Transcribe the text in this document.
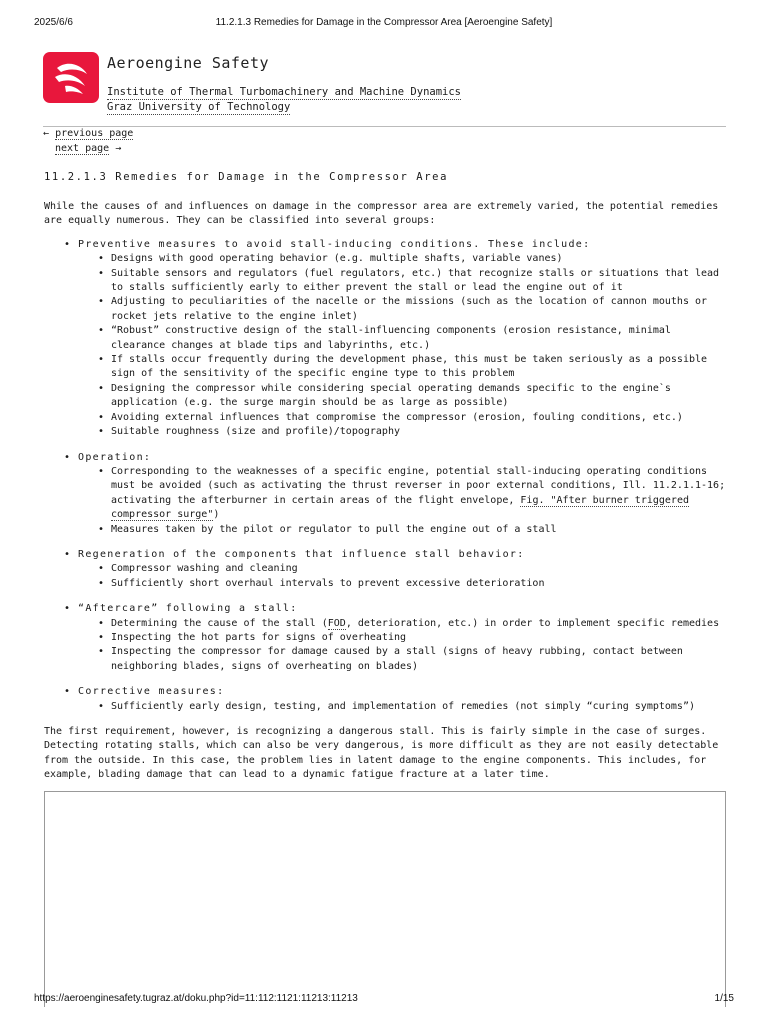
2025/6/6	11.2.1.3 Remedies for Damage in the Compressor Area [Aeroengine Safety]
Aeroengine Safety
Institute of Thermal Turbomachinery and Machine Dynamics
Graz University of Technology
← previous page
next page →
11.2.1.3 Remedies for Damage in the Compressor Area

While the causes of and influences on damage in the compressor area are extremely varied, the potential remedies are equally numerous. They can be classified into several groups:

• Preventive measures to avoid stall-inducing conditions. These include:
• Designs with good operating behavior (e.g. multiple shafts, variable vanes)
• Suitable sensors and regulators (fuel regulators, etc.) that recognize stalls or situations that lead to stalls sufficiently early to either prevent the stall or lead the engine out of it
• Adjusting to peculiarities of the nacelle or the missions (such as the location of cannon mouths or rocket jets relative to the engine inlet)
• “Robust” constructive design of the stall-influencing components (erosion resistance, minimal clearance changes at blade tips and labyrinths, etc.)
• If stalls occur frequently during the development phase, this must be taken seriously as a possible sign of the sensitivity of the specific engine type to this problem
• Designing the compressor while considering special operating demands specific to the engine`s application (e.g. the surge margin should be as large as possible)
• Avoiding external influences that compromise the compressor (erosion, fouling conditions, etc.)
• Suitable roughness (size and profile)/topography
• Operation:
• Corresponding to the weaknesses of a specific engine, potential stall-inducing operating conditions must be avoided (such as activating the thrust reverser in poor external conditions, Ill. 11.2.1.1-16; activating the afterburner in certain areas of the flight envelope, Fig. "After burner triggered compressor surge")
• Measures taken by the pilot or regulator to pull the engine out of a stall
• Regeneration of the components that influence stall behavior:
• Compressor washing and cleaning
• Sufficiently short overhaul intervals to prevent excessive deterioration
• “Aftercare” following a stall:
• Determining the cause of the stall (FOD, deterioration, etc.) in order to implement specific remedies
• Inspecting the hot parts for signs of overheating
• Inspecting the compressor for damage caused by a stall (signs of heavy rubbing, contact between neighboring blades, signs of overheating on blades)
• Corrective measures:
• Sufficiently early design, testing, and implementation of remedies (not simply “curing symptoms”)

The first requirement, however, is recognizing a dangerous stall. This is fairly simple in the case of surges. Detecting rotating stalls, which can also be very dangerous, is more difficult as they are not easily detectable from the outside. In this case, the problem lies in latent damage to the engine components. This includes, for example, blading damage that can lead to a dynamic fatigue fracture at a later time.

https://aeroenginesafety.tugraz.at/doku.php?id=11:112:1121:11213:11213	1/15
